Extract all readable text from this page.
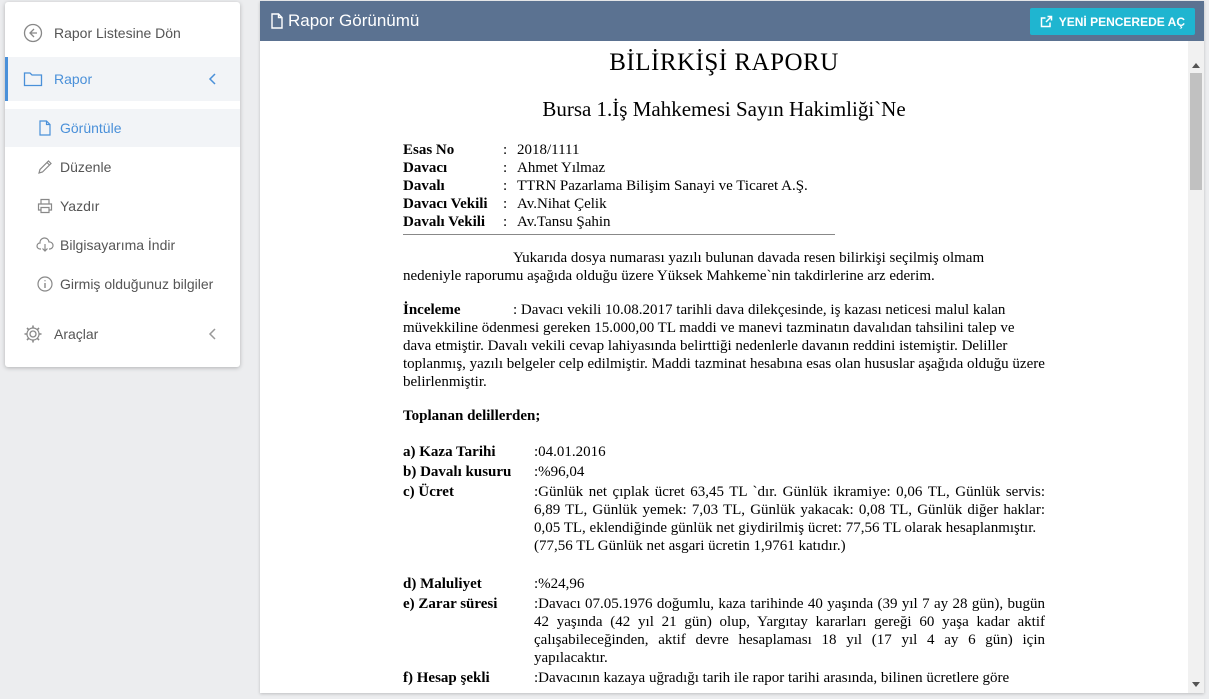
Rapor Listesine Dön
Rapor
Görüntüle
Düzenle
Yazdır
Bilgisayarıma İndir
Girmiş olduğunuz bilgiler
Araçlar
Rapor Görünümü	YENİ PENCEREDE AÇ
BİLİRKİŞİ RAPORU
Bursa 1.İş Mahkemesi Sayın Hakimliği`Ne
Esas No	: 2018/1111
Davacı	: Ahmet Yılmaz
Davalı	: TTRN Pazarlama Bilişim Sanayi ve Ticaret A.Ş.
Davacı Vekili	: Av.Nihat Çelik
Davalı Vekili	: Av.Tansu Şahin
Yukarıda dosya numarası yazılı bulunan davada resen bilirkişi seçilmiş olmam
nedeniyle raporumu aşağıda olduğu üzere Yüksek Mahkeme`nin takdirlerine arz ederim.
İnceleme	: Davacı vekili 10.08.2017 tarihli dava dilekçesinde, iş kazası neticesi malul kalan müvekkiline ödenmesi gereken 15.000,00 TL maddi ve manevi tazminatın davalıdan tahsilini talep ve dava etmiştir. Davalı vekili cevap lahiyasında belirttiği nedenlerle davanın reddini istemiştir. Deliller toplanmış, yazılı belgeler celp edilmiştir. Maddi tazminat hesabına esas olan hususlar aşağıda olduğu üzere belirlenmiştir.
Toplanan delillerden;
a) Kaza Tarihi	:04.01.2016
b) Davalı kusuru	:%96,04
c) Ücret	:Günlük net çıplak ücret 63,45 TL `dır. Günlük ikramiye: 0,06 TL, Günlük servis: 6,89 TL, Günlük yemek: 7,03 TL, Günlük yakacak: 0,08 TL, Günlük diğer haklar: 0,05 TL, eklendiğinde günlük net giydirilmiş ücret: 77,56 TL olarak hesaplanmıştır.
(77,56 TL Günlük net asgari ücretin 1,9761 katıdır.)
d) Maluliyet	:%24,96
e) Zarar süresi	:Davacı 07.05.1976 doğumlu, kaza tarihinde 40 yaşında (39 yıl 7 ay 28 gün), bugün 42 yaşında (42 yıl 21 gün) olup, Yargıtay kararları gereği 60 yaşa kadar aktif çalışabileceğinden, aktif devre hesaplaması 18 yıl (17 yıl 4 ay 6 gün) için yapılacaktır.
f) Hesap şekli	:Davacının kazaya uğradığı tarih ile rapor tarihi arasında, bilinen ücretlere göre
